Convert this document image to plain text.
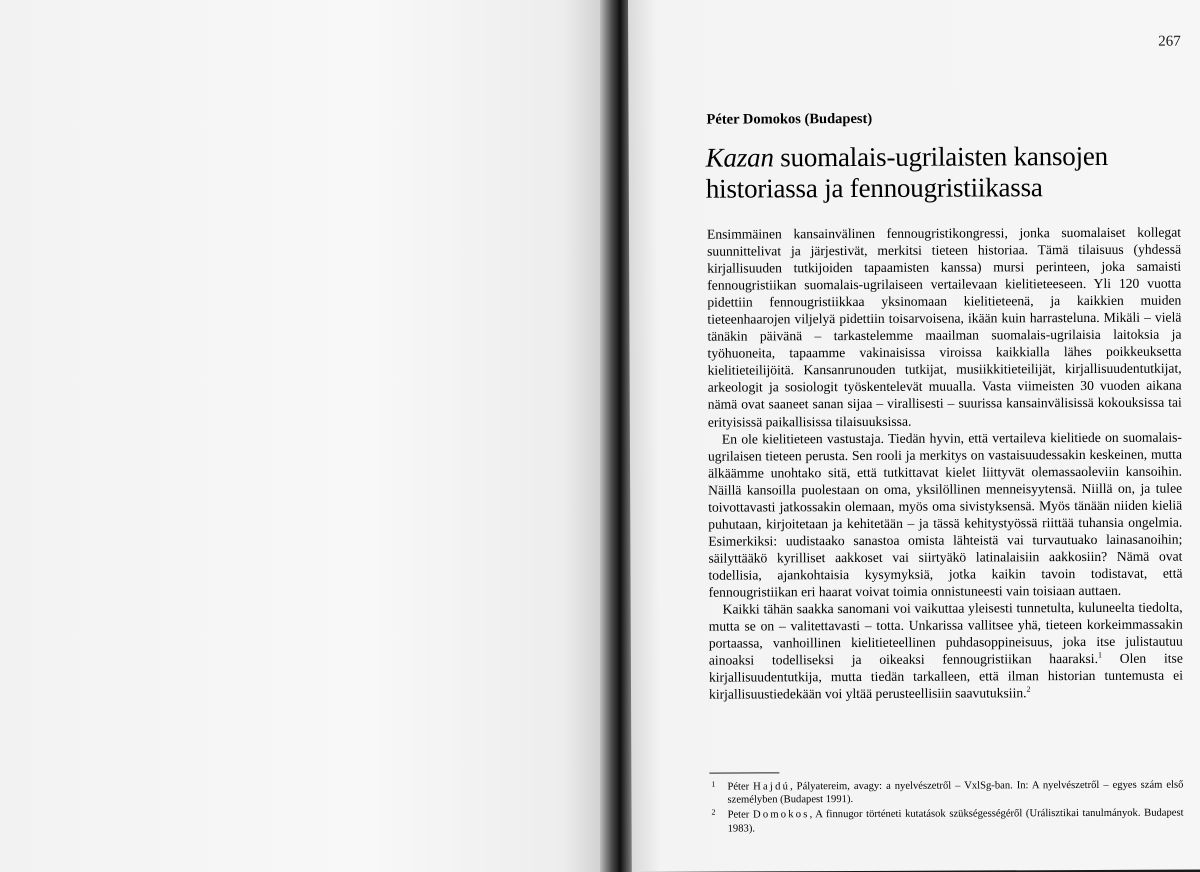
267
Péter Domokos (Budapest)
Kazan suomalais-ugrilaisten kansojen historiassa ja fennougristiikassa

Ensimmäinen kansainvälinen fennougristikongressi, jonka suomalaiset kollegat suunnittelivat ja järjestivät, merkitsi tieteen historiaa. Tämä tilaisuus (yhdessä kirjallisuuden tutkijoiden tapaamisten kanssa) mursi perinteen, joka samaisti fennougristiikan suomalais-ugrilaiseen vertailevaan kielitieteeseen. Yli 120 vuotta pidettiin fennougristiikkaa yksinomaan kielitieteenä, ja kaikkien muiden tieteenhaarojen viljelyä pidettiin toisarvoisena, ikään kuin harrasteluna. Mikäli – vielä tänäkin päivänä – tarkastelemme maailman suomalais-ugrilaisia laitoksia ja työhuoneita, tapaamme vakinaisissa viroissa kaikkialla lähes poikkeuksetta kielitieteilijöitä. Kansanrunouden tutkijat, musiikkitieteilijät, kirjallisuudentutkijat, arkeologit ja sosiologit työskentelevät muualla. Vasta viimeisten 30 vuoden aikana nämä ovat saaneet sanan sijaa – virallisesti – suurissa kansainvälisissä kokouksissa tai erityisissä paikallisissa tilaisuuksissa.

En ole kielitieteen vastustaja. Tiedän hyvin, että vertaileva kielitiede on suomalais-ugrilaisen tieteen perusta. Sen rooli ja merkitys on vastaisuudessakin keskeinen, mutta älkäämme unohtako sitä, että tutkittavat kielet liittyvät olemassaoleviin kansoihin. Näillä kansoilla puolestaan on oma, yksilöllinen menneisyytensä. Niillä on, ja tulee toivottavasti jatkossakin olemaan, myös oma sivistyksensä. Myös tänään niiden kieliä puhutaan, kirjoitetaan ja kehitetään – ja tässä kehitystyössä riittää tuhansia ongelmia. Esimerkiksi: uudistaako sanastoa omista lähteistä vai turvautuako lainasanoihin; säilyttääkö kyrilliset aakkoset vai siirtyäkö latinalaisiin aakkosiin? Nämä ovat todellisia, ajankohtaisia kysymyksiä, jotka kaikin tavoin todistavat, että fennougristiikan eri haarat voivat toimia onnistuneesti vain toisiaan auttaen.

Kaikki tähän saakka sanomani voi vaikuttaa yleisesti tunnetulta, kuluneelta tiedolta, mutta se on – valitettavasti – totta. Unkarissa vallitsee yhä, tieteen korkeimmassakin portaassa, vanhoillinen kielitieteellinen puhdasoppineisuus, joka itse julistautuu ainoaksi todelliseksi ja oikeaksi fennougristiikan haaraksi.$^1$ Olen itse kirjallisuudentutkija, mutta tiedän tarkalleen, että ilman historian tuntemusta ei kirjallisuustiedekään voi yltää perusteellisiin saavutuksiin.$^2$

1 Péter Hajdú, Pályatereim, avagy: a nyelvészetről – VxlSg-ban. In: A nyelvészetről – egyes szám első személyben (Budapest 1991).
2 Peter Domokos, A finnugor történeti kutatások szükségességéről (Urálisztikai tanulmányok. Budapest 1983).
